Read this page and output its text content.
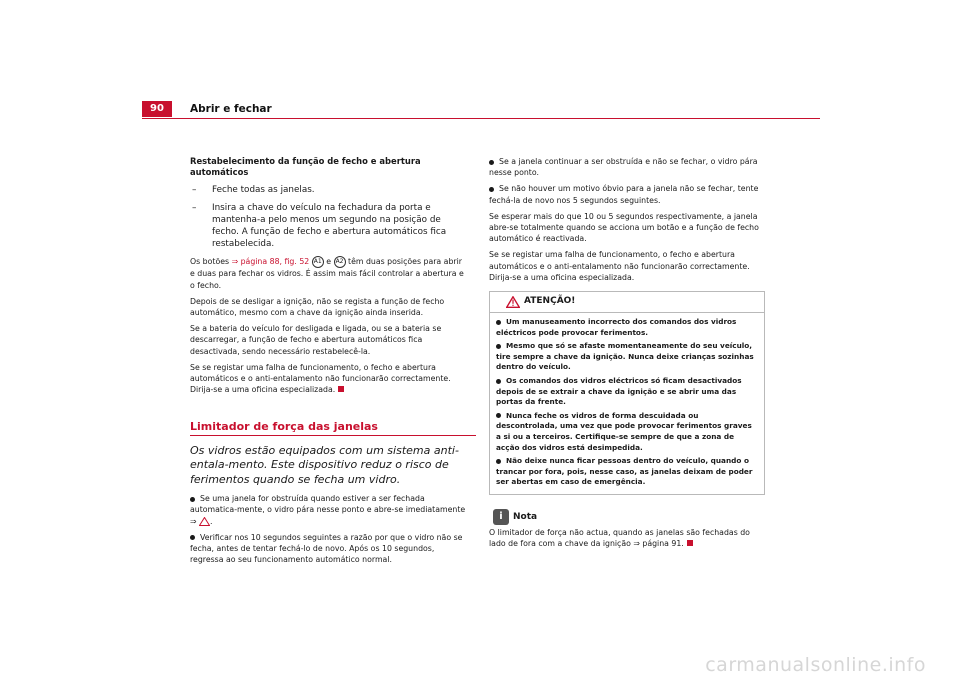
90	Abrir e fechar
Restabelecimento da função de fecho e abertura automáticos
– Feche todas as janelas.
– Insira a chave do veículo na fechadura da porta e mantenha-a pelo menos um segundo na posição de fecho. A função de fecho e abertura automáticos fica restabelecida.

Os botões ⇒ página 88, fig. 52 A1 e A2 têm duas posições para abrir e duas para fechar os vidros. É assim mais fácil controlar a abertura e o fecho.

Depois de se desligar a ignição, não se regista a função de fecho automático, mesmo com a chave da ignição ainda inserida.

Se a bateria do veículo for desligada e ligada, ou se a bateria se descarregar, a função de fecho e abertura automáticos fica desactivada, sendo necessário restabelecê-la.

Se se registar uma falha de funcionamento, o fecho e abertura automáticos e o anti-entalamento não funcionarão correctamente. Dirija-se a uma oficina especializada.

Limitador de força das janelas
Os vidros estão equipados com um sistema anti-entala-mento. Este dispositivo reduz o risco de ferimentos quando se fecha um vidro.

Se uma janela for obstruída quando estiver a ser fechada automatica-mente, o vidro pára nesse ponto e abre-se imediatamente ⇒ .

Verificar nos 10 segundos seguintes a razão por que o vidro não se fecha, antes de tentar fechá-lo de novo. Após os 10 segundos, regressa ao seu funcionamento automático normal.

Se a janela continuar a ser obstruída e não se fechar, o vidro pára nesse ponto.

Se não houver um motivo óbvio para a janela não se fechar, tente fechá-la de novo nos 5 segundos seguintes.

Se esperar mais do que 10 ou 5 segundos respectivamente, a janela abre-se totalmente quando se acciona um botão e a função de fecho automático é reactivada.

Se se registar uma falha de funcionamento, o fecho e abertura automáticos e o anti-entalamento não funcionarão correctamente. Dirija-se a uma oficina especializada.

ATENÇÃO!

Um manuseamento incorrecto dos comandos dos vidros eléctricos pode provocar ferimentos.

Mesmo que só se afaste momentaneamente do seu veículo, tire sempre a chave da ignição. Nunca deixe crianças sozinhas dentro do veículo.

Os comandos dos vidros eléctricos só ficam desactivados depois de se extrair a chave da ignição e se abrir uma das portas da frente.

Nunca feche os vidros de forma descuidada ou descontrolada, uma vez que pode provocar ferimentos graves a si ou a terceiros. Certifique-se sempre de que a zona de acção dos vidros está desimpedida.

Não deixe nunca ficar pessoas dentro do veículo, quando o trancar por fora, pois, nesse caso, as janelas deixam de poder ser abertas em caso de emergência.

i	Nota

O limitador de força não actua, quando as janelas são fechadas do lado de fora com a chave da ignição ⇒ página 91.

carmanualsonline.info
